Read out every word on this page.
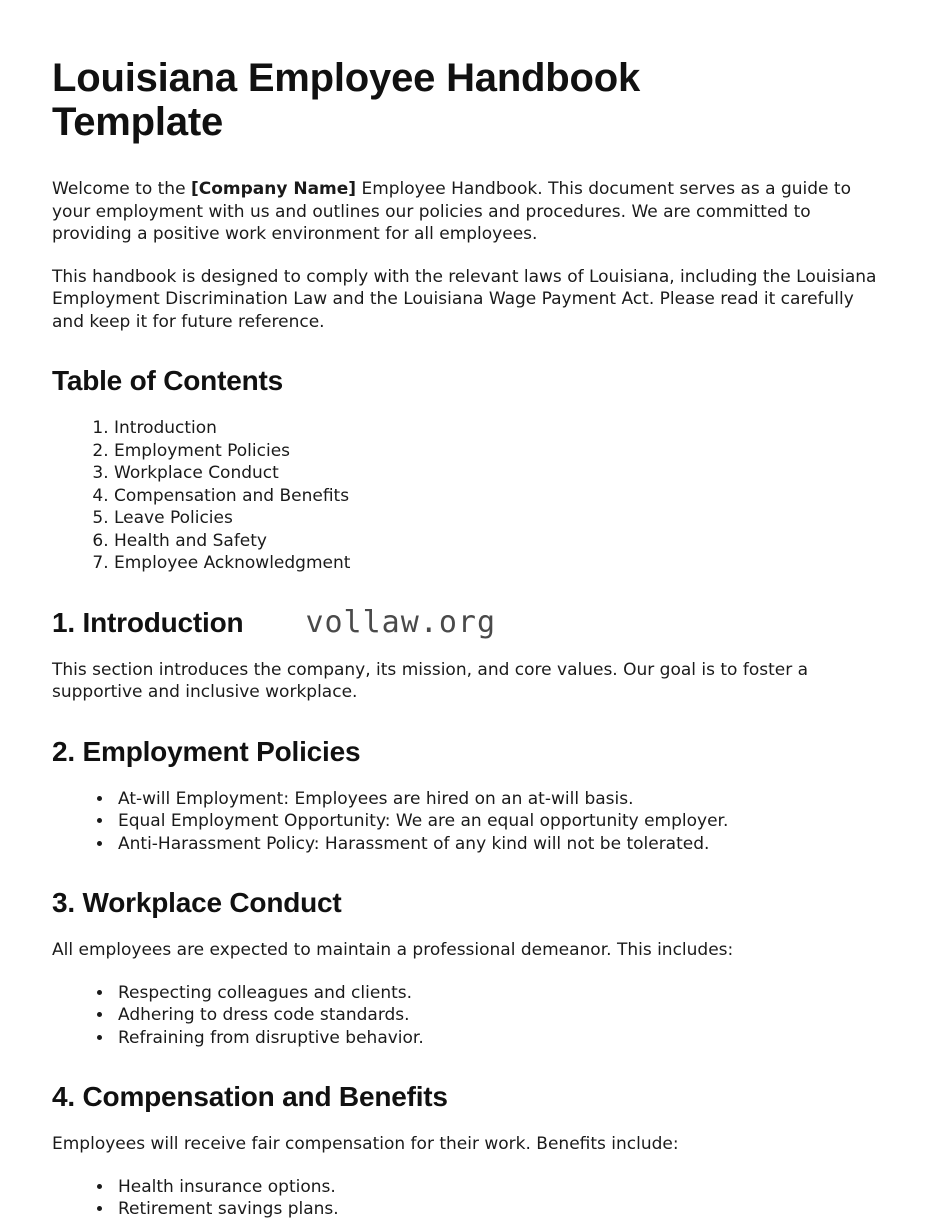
Louisiana Employee Handbook Template

Welcome to the [Company Name] Employee Handbook. This document serves as a guide to your employment with us and outlines our policies and procedures. We are committed to providing a positive work environment for all employees.

This handbook is designed to comply with the relevant laws of Louisiana, including the Louisiana Employment Discrimination Law and the Louisiana Wage Payment Act. Please read it carefully and keep it for future reference.

Table of Contents
1. Introduction
2. Employment Policies
3. Workplace Conduct
4. Compensation and Benefits
5. Leave Policies
6. Health and Safety
7. Employee Acknowledgment
1. Introduction vollaw.org

This section introduces the company, its mission, and core values. Our goal is to foster a supportive and inclusive workplace.

2. Employment Policies
• At-will Employment: Employees are hired on an at-will basis.
• Equal Employment Opportunity: We are an equal opportunity employer.
• Anti-Harassment Policy: Harassment of any kind will not be tolerated.
3. Workplace Conduct

All employees are expected to maintain a professional demeanor. This includes:

• Respecting colleagues and clients.
• Adhering to dress code standards.
• Refraining from disruptive behavior.
4. Compensation and Benefits

Employees will receive fair compensation for their work. Benefits include:

• Health insurance options.
• Retirement savings plans.
